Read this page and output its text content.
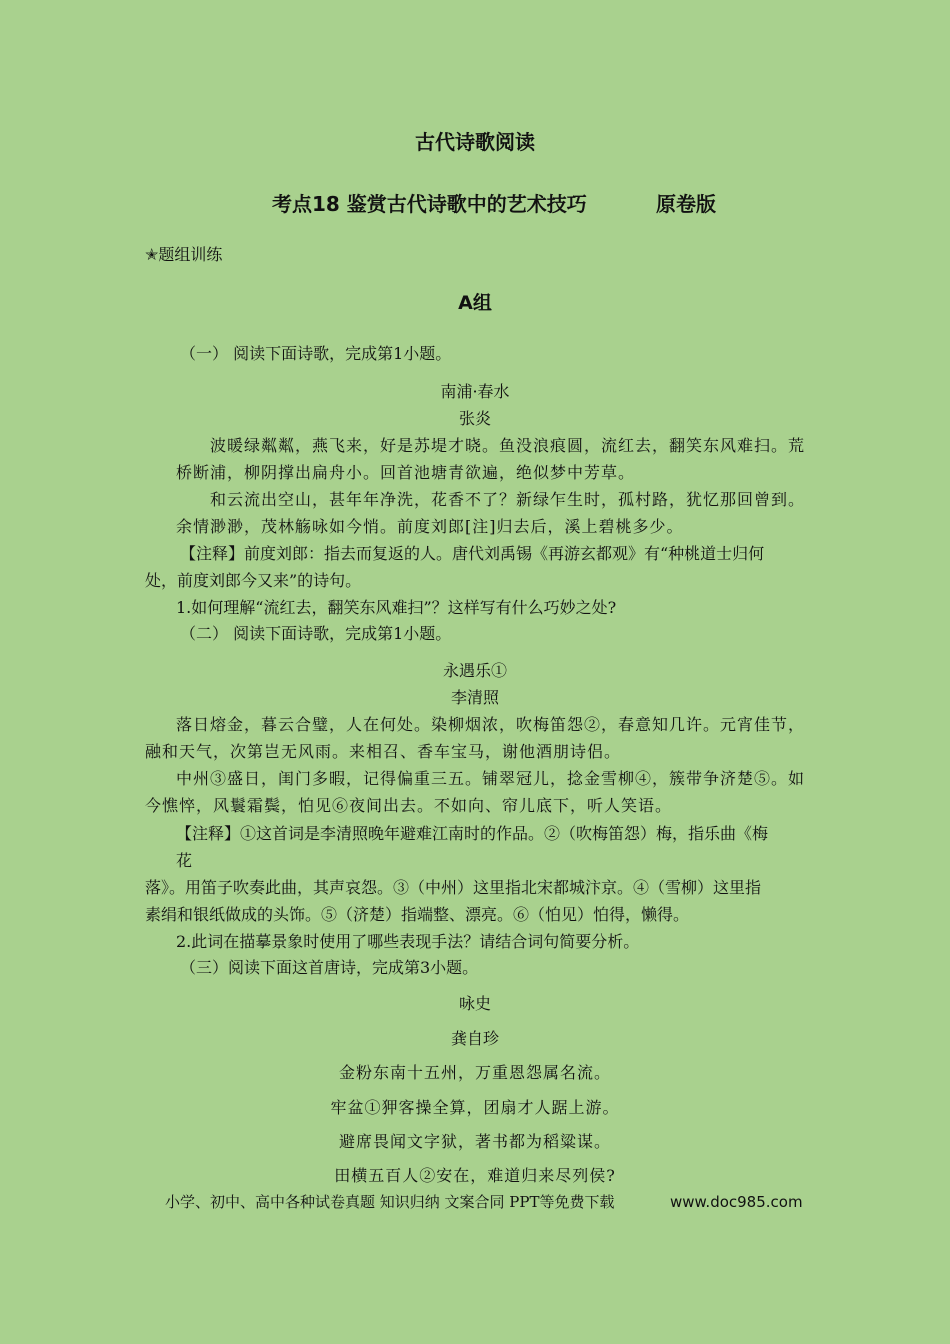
古代诗歌阅读
考点18 鉴赏古代诗歌中的艺术技巧	原卷版
✭题组训练
A组
（一） 阅读下面诗歌，完成第1小题。
南浦·春水
张炎
波暖绿粼粼，燕飞来，好是苏堤才晓。鱼没浪痕圆，流红去，翻笑东风难扫。荒
桥断浦，柳阴撑出扁舟小。回首池塘青欲遍，绝似梦中芳草。
和云流出空山，甚年年净洗，花香不了？新绿乍生时，孤村路，犹忆那回曾到。
余情渺渺，茂林觞咏如今悄。前度刘郎[注]归去后，溪上碧桃多少。
【注释】前度刘郎：指去而复返的人。唐代刘禹锡《再游玄都观》有“种桃道士归何
处，前度刘郎今又来”的诗句。
1.如何理解“流红去，翻笑东风难扫”？这样写有什么巧妙之处?
（二） 阅读下面诗歌，完成第1小题。
永遇乐①
李清照
落日熔金，暮云合璧，人在何处。染柳烟浓，吹梅笛怨②，春意知几许。元宵佳节，
融和天气，次第岂无风雨。来相召、香车宝马，谢他酒朋诗侣。
中州③盛日，闺门多暇，记得偏重三五。铺翠冠儿，捻金雪柳④，簇带争济楚⑤。如
今憔悴，风鬟霜鬓，怕见⑥夜间出去。不如向、帘儿底下，听人笑语。
【注释】①这首词是李清照晚年避难江南时的作品。②（吹梅笛怨）梅，指乐曲《梅
花
落》。用笛子吹奏此曲，其声哀怨。③（中州）这里指北宋都城汴京。④（雪柳）这里指
素绢和银纸做成的头饰。⑤（济楚）指端整、漂亮。⑥（怕见）怕得，懒得。
2.此词在描摹景象时使用了哪些表现手法？请结合词句简要分析。
（三）阅读下面这首唐诗，完成第3小题。
咏史
龚自珍
金粉东南十五州，万重恩怨属名流。
牢盆①狎客操全算，团扇才人踞上游。
避席畏闻文字狱，著书都为稻粱谋。
田横五百人②安在，难道归来尽列侯?
小学、初中、高中各种试卷真题 知识归纳 文案合同 PPT等免费下载	www.doc985.com
